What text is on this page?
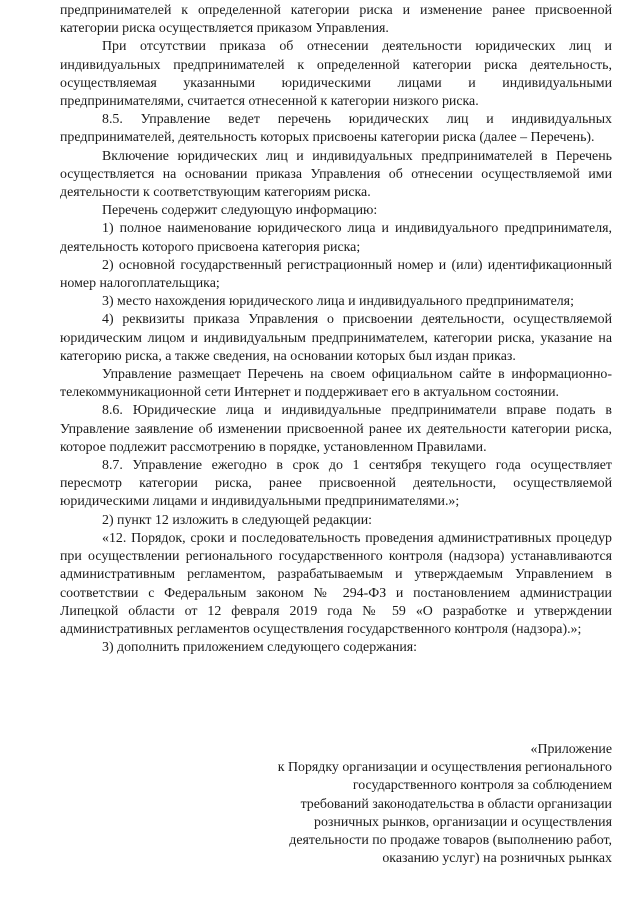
предпринимателей к определенной категории риска и изменение ранее присвоенной категории риска осуществляется приказом Управления.

При отсутствии приказа об отнесении деятельности юридических лиц и индивидуальных предпринимателей к определенной категории риска деятельность, осуществляемая указанными юридическими лицами и индивидуальными предпринимателями, считается отнесенной к категории низкого риска.

8.5. Управление ведет перечень юридических лиц и индивидуальных предпринимателей, деятельность которых присвоены категории риска (далее – Перечень).

Включение юридических лиц и индивидуальных предпринимателей в Перечень осуществляется на основании приказа Управления об отнесении осуществляемой ими деятельности к соответствующим категориям риска.

Перечень содержит следующую информацию:

1) полное наименование юридического лица и индивидуального предпринимателя, деятельность которого присвоена категория риска;

2) основной государственный регистрационный номер и (или) идентификационный номер налогоплательщика;

3) место нахождения юридического лица и индивидуального предпринимателя;

4) реквизиты приказа Управления о присвоении деятельности, осуществляемой юридическим лицом и индивидуальным предпринимателем, категории риска, указание на категорию риска, а также сведения, на основании которых был издан приказ.

Управление размещает Перечень на своем официальном сайте в информационно-телекоммуникационной сети Интернет и поддерживает его в актуальном состоянии.

8.6. Юридические лица и индивидуальные предприниматели вправе подать в Управление заявление об изменении присвоенной ранее их деятельности категории риска, которое подлежит рассмотрению в порядке, установленном Правилами.

8.7. Управление ежегодно в срок до 1 сентября текущего года осуществляет пересмотр категории риска, ранее присвоенной деятельности, осуществляемой юридическими лицами и индивидуальными предпринимателями.»;

2) пункт 12 изложить в следующей редакции:

«12. Порядок, сроки и последовательность проведения административных процедур при осуществлении регионального государственного контроля (надзора) устанавливаются административным регламентом, разрабатываемым и утверждаемым Управлением в соответствии с Федеральным законом № 294-ФЗ и постановлением администрации Липецкой области от 12 февраля 2019 года № 59 «О разработке и утверждении административных регламентов осуществления государственного контроля (надзора).»;

3) дополнить приложением следующего содержания:

«Приложение
к Порядку организации и осуществления регионального
государственного контроля за соблюдением
требований законодательства в области организации
розничных рынков, организации и осуществления
деятельности по продаже товаров (выполнению работ,
оказанию услуг) на розничных рынках
